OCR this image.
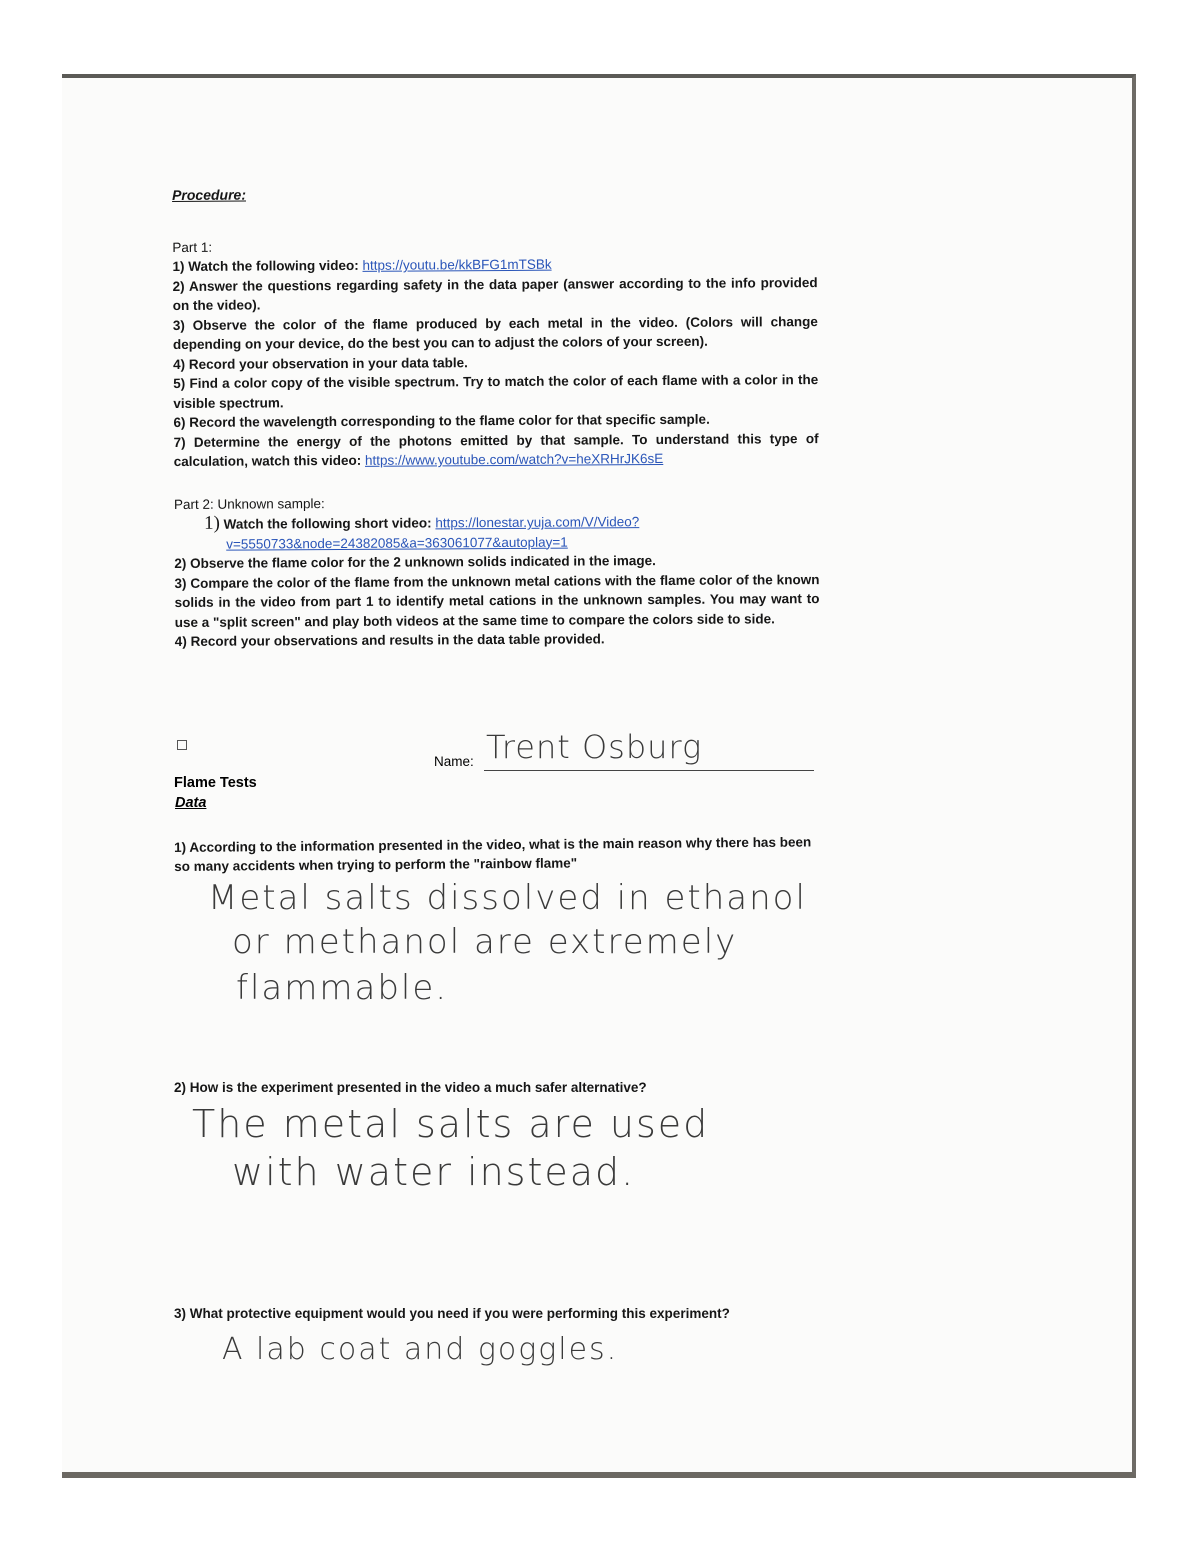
Procedure:
Part 1:
1) Watch the following video: https://youtu.be/kkBFG1mTSBk
2) Answer the questions regarding safety in the data paper (answer according to the info provided on the video).
3) Observe the color of the flame produced by each metal in the video. (Colors will change depending on your device, do the best you can to adjust the colors of your screen).
4) Record your observation in your data table.
5) Find a color copy of the visible spectrum. Try to match the color of each flame with a color in the visible spectrum.
6) Record the wavelength corresponding to the flame color for that specific sample.
7) Determine the energy of the photons emitted by that sample. To understand this type of calculation, watch this video: https://www.youtube.com/watch?v=heXRHrJK6sE
Part 2: Unknown sample:
1) Watch the following short video: https://lonestar.yuja.com/V/Video?
v=5550733&node=24382085&a=363061077&autoplay=1
2) Observe the flame color for the 2 unknown solids indicated in the image.
3) Compare the color of the flame from the unknown metal cations with the flame color of the known solids in the video from part 1 to identify metal cations in the unknown samples. You may want to use a "split screen" and play both videos at the same time to compare the colors side to side.
4) Record your observations and results in the data table provided.
Name: Trent Osburg
Flame Tests
Data
1) According to the information presented in the video, what is the main reason why there has been so many accidents when trying to perform the "rainbow flame"
Metal salts dissolved in ethanol
or methanol are extremely
flammable.
2) How is the experiment presented in the video a much safer alternative?
The metal salts are used
with water instead.
3) What protective equipment would you need if you were performing this experiment?
A lab coat and goggles.
